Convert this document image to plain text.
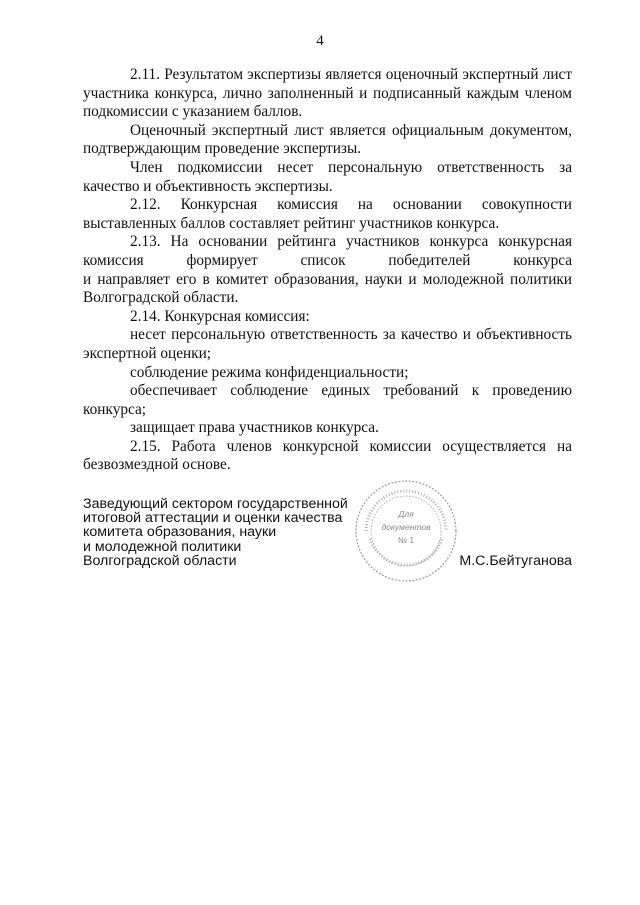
4

2.11. Результатом экспертизы является оценочный экспертный лист участника конкурса, лично заполненный и подписанный каждым членом подкомиссии с указанием баллов.

Оценочный экспертный лист является официальным документом, подтверждающим проведение экспертизы.

Член подкомиссии несет персональную ответственность за качество и объективность экспертизы.

2.12. Конкурсная комиссия на основании совокупности выставленных баллов составляет рейтинг участников конкурса.

2.13. На основании рейтинга участников конкурса конкурсная комиссия формирует список победителей конкурса

и направляет его в комитет образования, науки и молодежной политики Волгоградской области.

2.14. Конкурсная комиссия:

несет персональную ответственность за качество и объективность экспертной оценки;

соблюдение режима конфиденциальности;

обеспечивает соблюдение единых требований к проведению конкурса;

защищает права участников конкурса.

2.15. Работа членов конкурсной комиссии осуществляется на безвозмездной основе.

Заведующий сектором государственной
итоговой аттестации и оценки качества
комитета образования, науки
и молодежной политики
Волгоградской области	М.С.Бейтуганова
Для
документов
№ 1
